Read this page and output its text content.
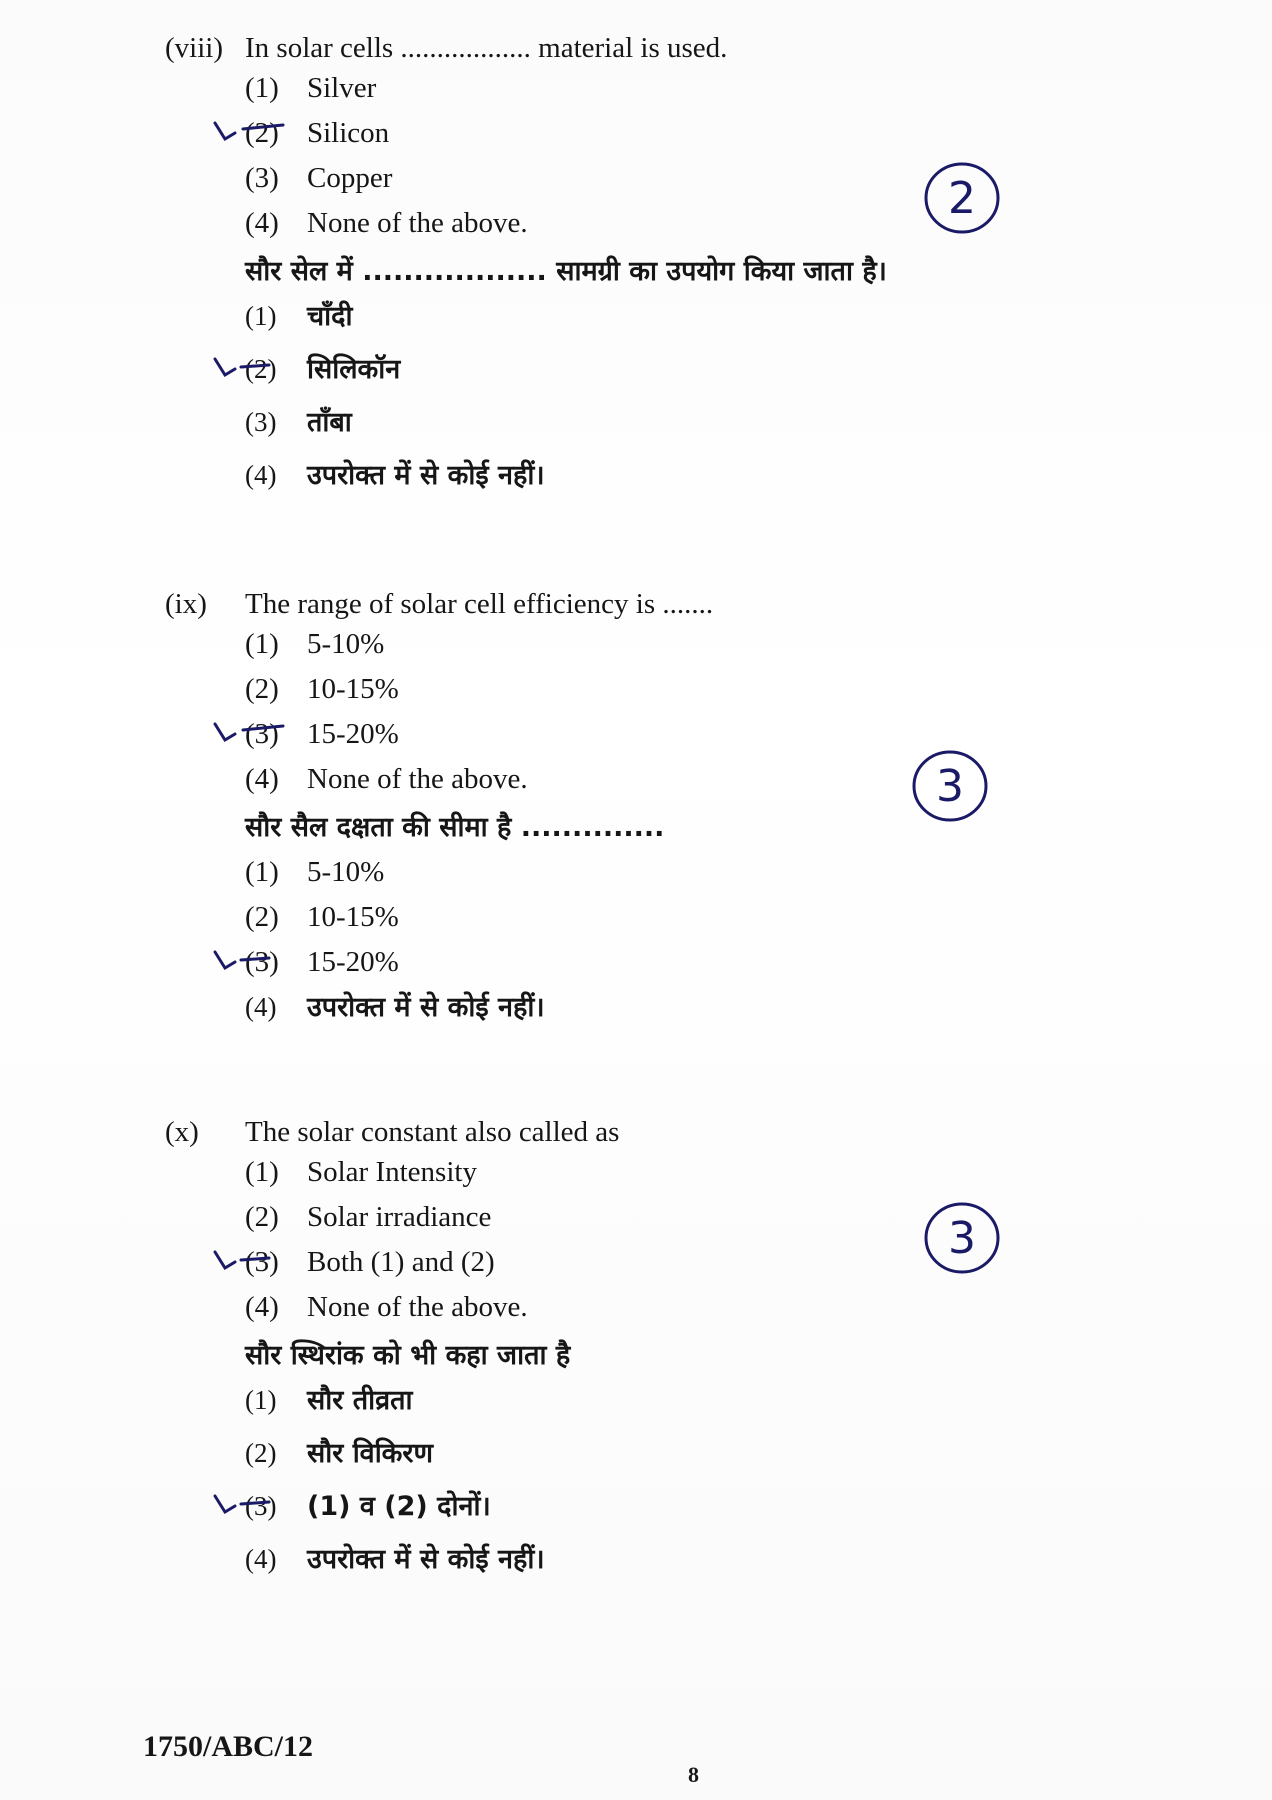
(viii) In solar cells .................. material is used.
(1) Silver
(2) Silicon
(3) Copper
(4) None of the above.
सौर सेल में .................. सामग्री का उपयोग किया जाता है।
(1)	चाँदी
(2)	सिलिकॉन
(3)	ताँबा
(4)	उपरोक्त में से कोई नहीं।
2
(ix)	The range of solar cell efficiency is .......
(1) 5-10%
(2) 10-15%
(3) 15-20%
(4) None of the above.
सौर सैल दक्षता की सीमा है ..............
(1) 5-10%
(2) 10-15%
(3) 15-20%
(4)	उपरोक्त में से कोई नहीं।
3
(x)	The solar constant also called as
(1) Solar Intensity
(2) Solar irradiance
(3) Both (1) and (2)
(4) None of the above.
सौर स्थिरांक को भी कहा जाता है
(1)	सौर तीव्रता
(2)	सौर विकिरण
(3)	(1) व (2) दोनों।
(4)	उपरोक्त में से कोई नहीं।
3
1750/ABC/12
8
